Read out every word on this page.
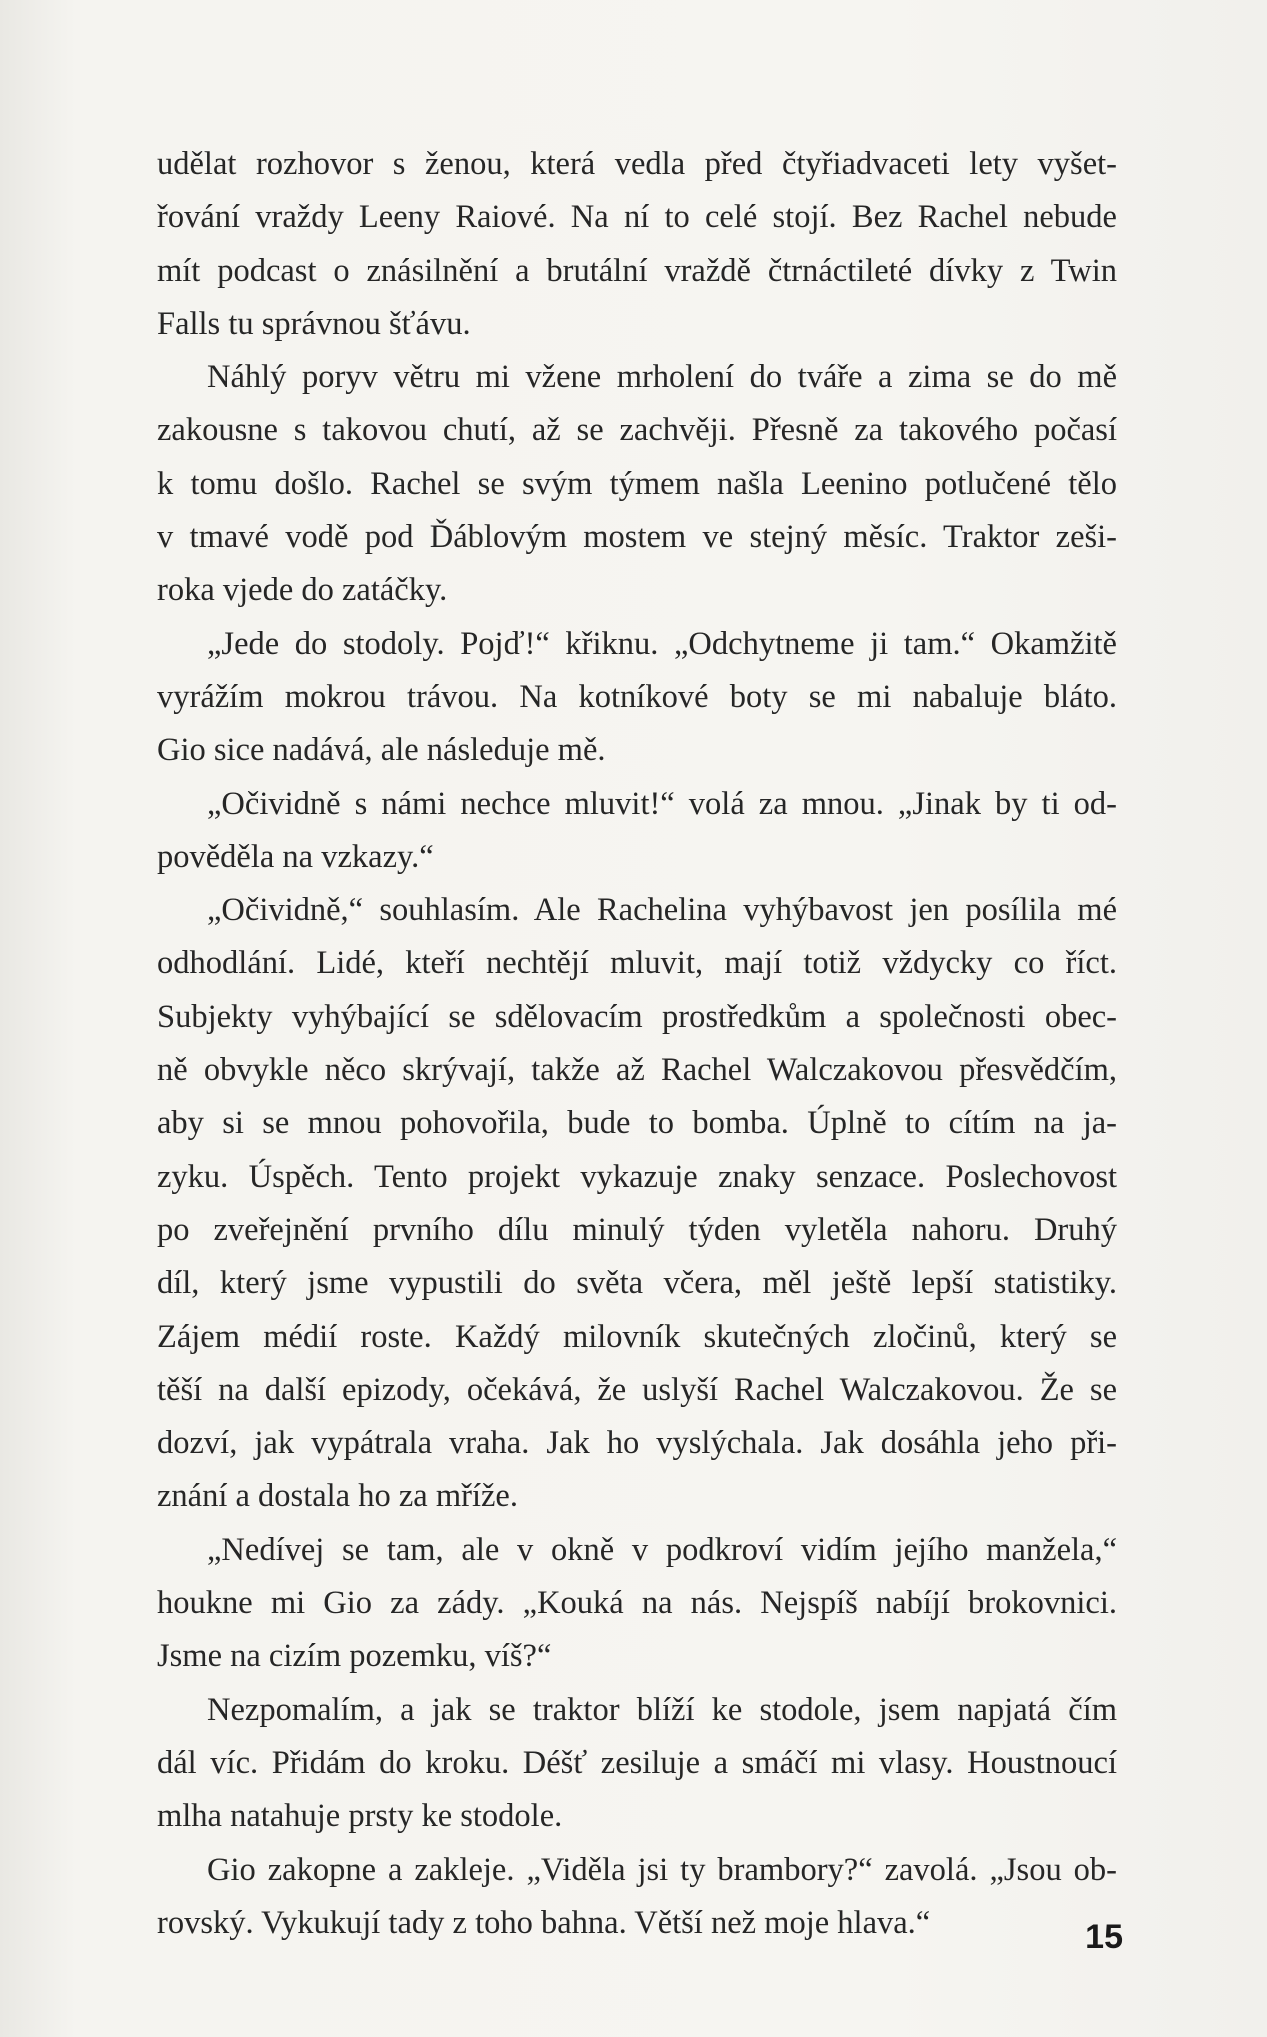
udělat rozhovor s ženou, která vedla před čtyřiadvaceti lety vyšet-
řování vraždy Leeny Raiové. Na ní to celé stojí. Bez Rachel nebude
mít podcast o znásilnění a brutální vraždě čtrnáctileté dívky z Twin
Falls tu správnou šťávu.
Náhlý poryv větru mi vžene mrholení do tváře a zima se do mě
zakousne s takovou chutí, až se zachvěji. Přesně za takového počasí
k tomu došlo. Rachel se svým týmem našla Leenino potlučené tělo
v tmavé vodě pod Ďáblovým mostem ve stejný měsíc. Traktor zeši-
roka vjede do zatáčky.
„Jede do stodoly. Pojď!“ křiknu. „Odchytneme ji tam.“ Okamžitě
vyrážím mokrou trávou. Na kotníkové boty se mi nabaluje bláto.
Gio sice nadává, ale následuje mě.
„Očividně s námi nechce mluvit!“ volá za mnou. „Jinak by ti od-
pověděla na vzkazy.“
„Očividně,“ souhlasím. Ale Rachelina vyhýbavost jen posílila mé
odhodlání. Lidé, kteří nechtějí mluvit, mají totiž vždycky co říct.
Subjekty vyhýbající se sdělovacím prostředkům a společnosti obec-
ně obvykle něco skrývají, takže až Rachel Walczakovou přesvědčím,
aby si se mnou pohovořila, bude to bomba. Úplně to cítím na ja-
zyku. Úspěch. Tento projekt vykazuje znaky senzace. Poslechovost
po zveřejnění prvního dílu minulý týden vyletěla nahoru. Druhý
díl, který jsme vypustili do světa včera, měl ještě lepší statistiky.
Zájem médií roste. Každý milovník skutečných zločinů, který se
těší na další epizody, očekává, že uslyší Rachel Walczakovou. Že se
dozví, jak vypátrala vraha. Jak ho vyslýchala. Jak dosáhla jeho při-
znání a dostala ho za mříže.
„Nedívej se tam, ale v okně v podkroví vidím jejího manžela,“
houkne mi Gio za zády. „Kouká na nás. Nejspíš nabíjí brokovnici.
Jsme na cizím pozemku, víš?“
Nezpomalím, a jak se traktor blíží ke stodole, jsem napjatá čím
dál víc. Přidám do kroku. Déšť zesiluje a smáčí mi vlasy. Houstnoucí
mlha natahuje prsty ke stodole.
Gio zakopne a zakleje. „Viděla jsi ty brambory?“ zavolá. „Jsou ob-
rovský. Vykukují tady z toho bahna. Větší než moje hlava.“	15
